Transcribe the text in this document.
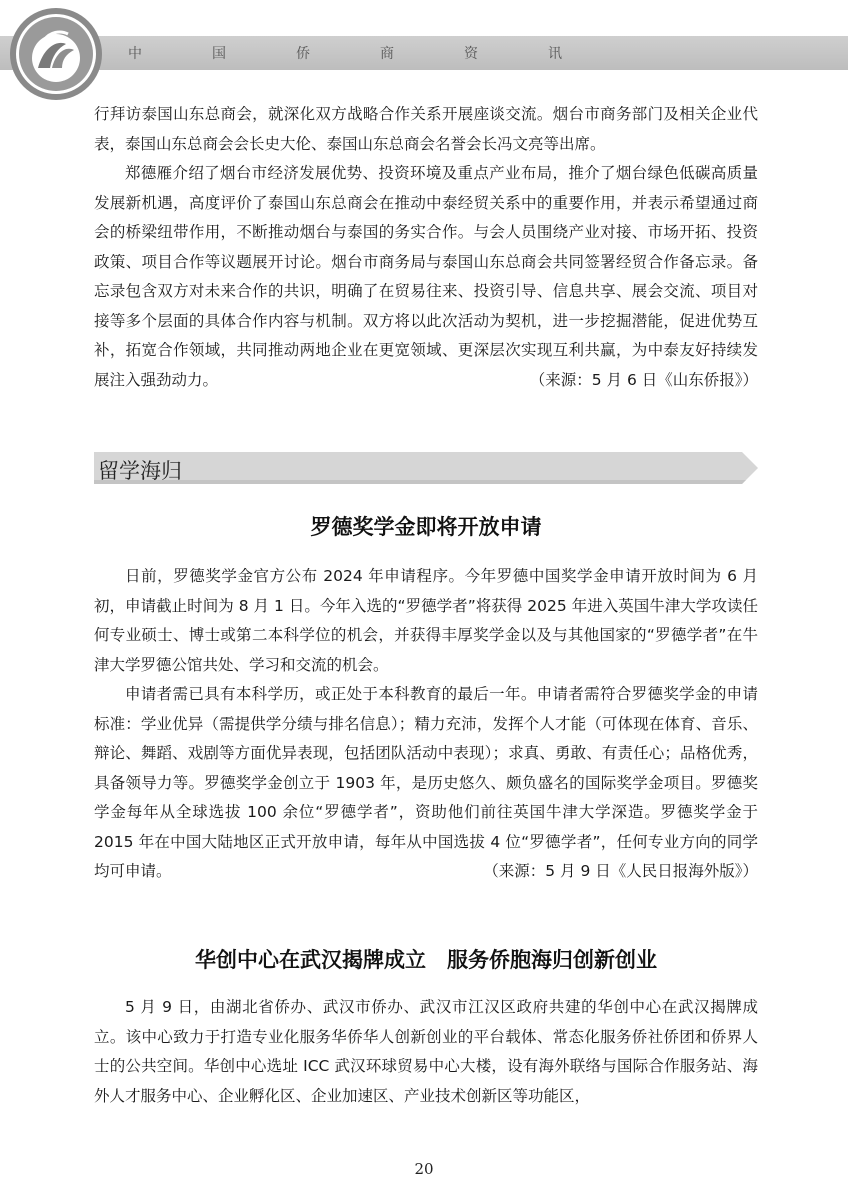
中　国　侨　商　资　讯

行拜访泰国山东总商会，就深化双方战略合作关系开展座谈交流。烟台市商务部门及相关企业代表，泰国山东总商会会长史大伦、泰国山东总商会名誉会长冯文亮等出席。

郑德雁介绍了烟台市经济发展优势、投资环境及重点产业布局，推介了烟台绿色低碳高质量发展新机遇，高度评价了泰国山东总商会在推动中泰经贸关系中的重要作用，并表示希望通过商会的桥梁纽带作用，不断推动烟台与泰国的务实合作。与会人员围绕产业对接、市场开拓、投资政策、项目合作等议题展开讨论。烟台市商务局与泰国山东总商会共同签署经贸合作备忘录。备忘录包含双方对未来合作的共识，明确了在贸易往来、投资引导、信息共享、展会交流、项目对接等多个层面的具体合作内容与机制。双方将以此次活动为契机，进一步挖掘潜能，促进优势互补，拓宽合作领域，共同推动两地企业在更宽领域、更深层次实现互利共赢，为中泰友好持续发展注入强劲动力。	（来源：5 月 6 日《山东侨报》）

留学海归

罗德奖学金即将开放申请

日前，罗德奖学金官方公布 2024 年申请程序。今年罗德中国奖学金申请开放时间为 6 月初，申请截止时间为 8 月 1 日。今年入选的“罗德学者”将获得 2025 年进入英国牛津大学攻读任何专业硕士、博士或第二本科学位的机会，并获得丰厚奖学金以及与其他国家的“罗德学者”在牛津大学罗德公馆共处、学习和交流的机会。

申请者需已具有本科学历，或正处于本科教育的最后一年。申请者需符合罗德奖学金的申请标准：学业优异（需提供学分绩与排名信息）；精力充沛，发挥个人才能（可体现在体育、音乐、辩论、舞蹈、戏剧等方面优异表现，包括团队活动中表现）；求真、勇敢、有责任心；品格优秀，具备领导力等。罗德奖学金创立于 1903 年，是历史悠久、颇负盛名的国际奖学金项目。罗德奖学金每年从全球选拔 100 余位“罗德学者”，资助他们前往英国牛津大学深造。罗德奖学金于 2015 年在中国大陆地区正式开放申请，每年从中国选拔 4 位“罗德学者”，任何专业方向的同学均可申请。	（来源：5 月 9 日《人民日报海外版》）

华创中心在武汉揭牌成立　服务侨胞海归创新创业

5 月 9 日，由湖北省侨办、武汉市侨办、武汉市江汉区政府共建的华创中心在武汉揭牌成立。该中心致力于打造专业化服务华侨华人创新创业的平台载体、常态化服务侨社侨团和侨界人士的公共空间。华创中心选址 ICC 武汉环球贸易中心大楼，设有海外联络与国际合作服务站、海外人才服务中心、企业孵化区、企业加速区、产业技术创新区等功能区，

20
